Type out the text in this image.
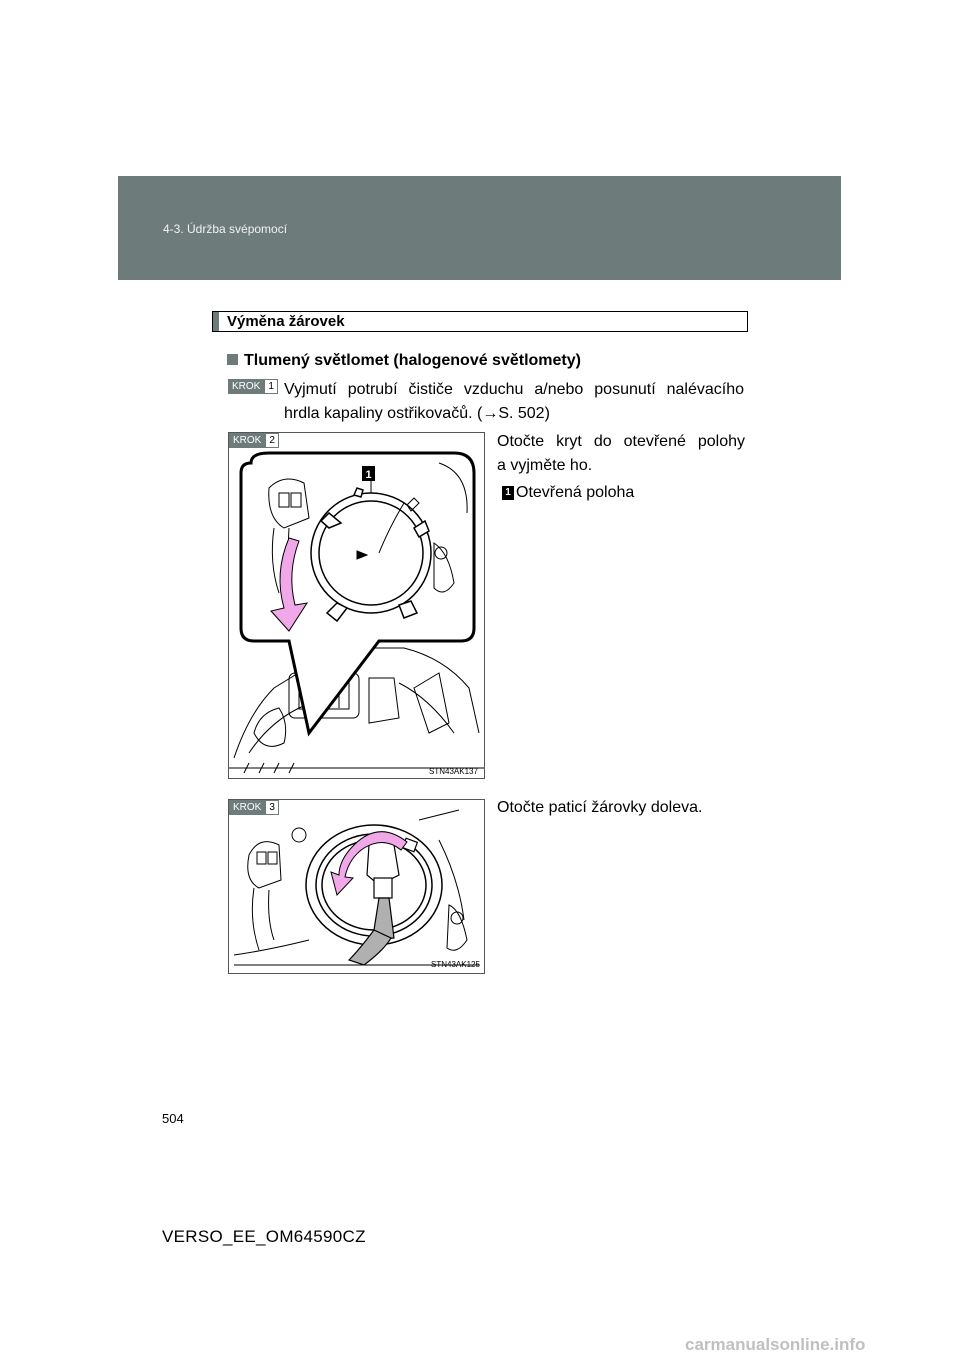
4-3. Údržba svépomocí
Výměna žárovek
Tlumený světlomet (halogenové světlomety)
KROK 1 Vyjmutí potrubí čističe vzduchu a/nebo posunutí nalévacího
hrdla kapaliny ostřikovačů. (→S. 502)
1
STN43AK137
KROK 2	Otočte kryt do otevřené polohy
a vyjměte ho.
1 Otevřená poloha
STN43AK125
KROK 3	Otočte paticí žárovky doleva.
504
VERSO_EE_OM64590CZ
carmanualsonline.info
